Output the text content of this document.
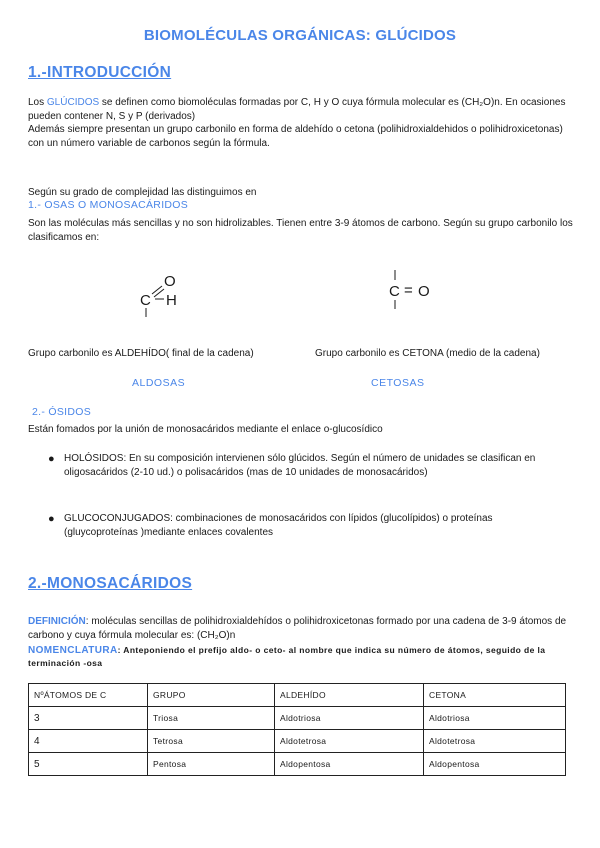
BIOMOLÉCULAS ORGÁNICAS: GLÚCIDOS
1.-INTRODUCCIÓN
Los GLÚCIDOS se definen como biomoléculas formadas por C, H y O cuya fórmula molecular es (CH₂O)n. En ocasiones pueden contener N, S y P (derivados)
Además siempre presentan un grupo carbonilo en forma de aldehído o cetona (polihidroxialdehidos o polihidroxicetonas) con un número variable de carbonos según la fórmula.
Según su grado de complejidad las distinguimos en
1.- OSAS O MONOSACÁRIDOS
Son las moléculas más sencillas y no son hidrolizables. Tienen entre 3-9 átomos de carbono. Según su grupo carbonilo los clasificamos en:
C
O
H
C = O
Grupo carbonilo es ALDEHÍDO( final de la cadena)	Grupo carbonilo es CETONA (medio de la cadena)
ALDOSAS	CETOSAS
2.- ÓSIDOS
Están fomados por la unión de monosacáridos mediante el enlace o-glucosídico
● HOLÓSIDOS: En su composición intervienen sólo glúcidos. Según el número de unidades se clasifican en oligosacáridos (2-10 ud.) o polisacáridos (mas de 10 unidades de monosacáridos)
● GLUCOCONJUGADOS: combinaciones de monosacáridos con lípidos (glucolípidos) o proteínas (gluycoproteínas )mediante enlaces covalentes
2.-MONOSACÁRIDOS
DEFINICIÓN: moléculas sencillas de polihidroxialdehídos o polihidroxicetonas formado por una cadena de 3-9 átomos de carbono y cuya fórmula molecular es: (CH₂O)n
NOMENCLATURA: Anteponiendo el prefijo aldo- o ceto- al nombre que indica su número de átomos, seguido de la terminación -osa
NºÁTOMOS DE C	GRUPO	ALDEHÍDO	CETONA
3	Triosa	Aldotriosa	Aldotriosa
4	Tetrosa	Aldotetrosa	Aldotetrosa
5	Pentosa	Aldopentosa	Aldopentosa
